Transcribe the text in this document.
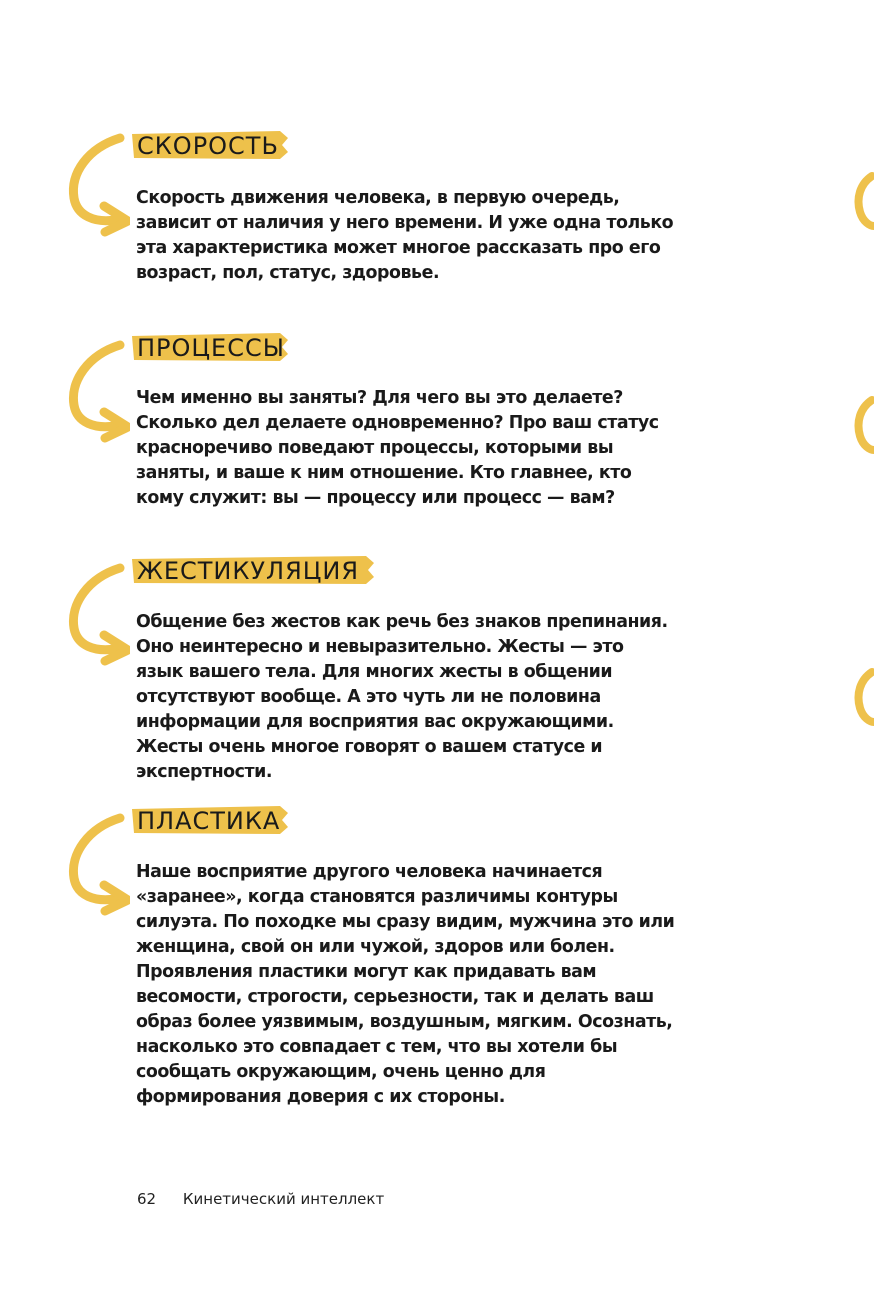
СКОРОСТЬ

Скорость движения человека, в первую очередь, зависит от наличия у него времени. И уже одна только эта характеристика может многое рассказать про его возраст, пол, статус, здоровье.

ПРОЦЕССЫ

Чем именно вы заняты? Для чего вы это делаете? Сколько дел делаете одновременно? Про ваш статус красноречиво поведают процессы, которыми вы заняты, и ваше к ним отношение. Кто главнее, кто кому служит: вы — процессу или процесс — вам?

ЖЕСТИКУЛЯЦИЯ

Общение без жестов как речь без знаков препинания. Оно неинтересно и невыразительно. Жесты — это язык вашего тела. Для многих жесты в общении отсутствуют вообще. А это чуть ли не половина информации для восприятия вас окружающими. Жесты очень многое говорят о вашем статусе и экспертности.

ПЛАСТИКА

Наше восприятие другого человека начинается «заранее», когда становятся различимы контуры силуэта. По походке мы сразу видим, мужчина это или женщина, свой он или чужой, здоров или болен. Проявления пластики могут как придавать вам весомости, строгости, серьезности, так и делать ваш образ более уязвимым, воздушным, мягким. Осознать, насколько это совпадает с тем, что вы хотели бы сообщать окружающим, очень ценно для формирования доверия с их стороны.

62 Кинетический интеллект
